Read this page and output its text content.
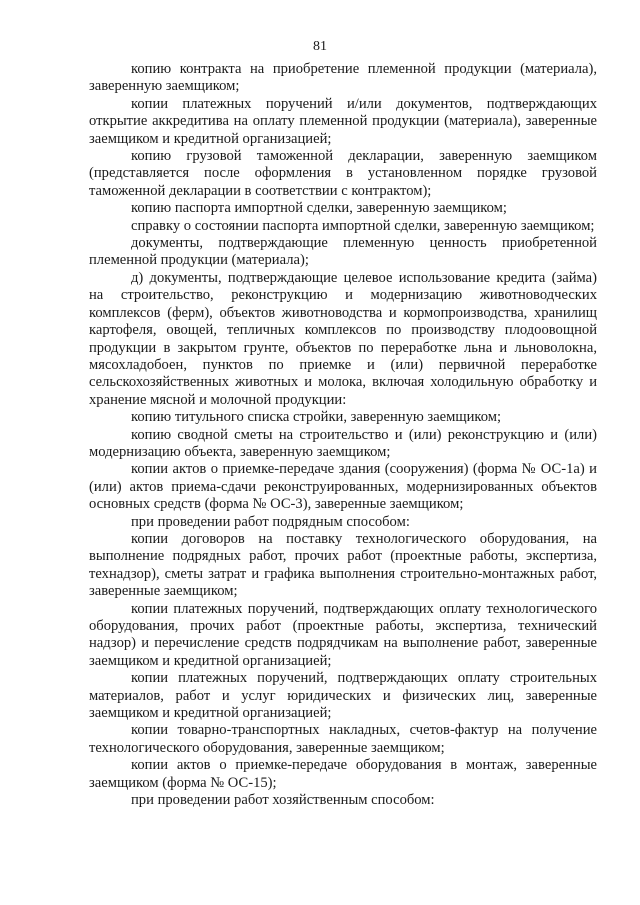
81

копию контракта на приобретение племенной продукции (материала), заверенную заемщиком;

копии платежных поручений и/или документов, подтверждающих открытие аккредитива на оплату племенной продукции (материала), заверенные заемщиком и кредитной организацией;

копию грузовой таможенной декларации, заверенную заемщиком (представляется после оформления в установленном порядке грузовой таможенной декларации в соответствии с контрактом);

копию паспорта импортной сделки, заверенную заемщиком;

справку о состоянии паспорта импортной сделки, заверенную заемщиком;

документы, подтверждающие племенную ценность приобретенной племенной продукции (материала);

д) документы, подтверждающие целевое использование кредита (займа) на строительство, реконструкцию и модернизацию животноводческих комплексов (ферм), объектов животноводства и кормопроизводства, хранилищ картофеля, овощей, тепличных комплексов по производству плодоовощной продукции в закрытом грунте, объектов по переработке льна и льноволокна, мясохладобоен, пунктов по приемке и (или) первичной переработке сельскохозяйственных животных и молока, включая холодильную обработку и хранение мясной и молочной продукции:

копию титульного списка стройки, заверенную заемщиком;

копию сводной сметы на строительство и (или) реконструкцию и (или) модернизацию объекта, заверенную заемщиком;

копии актов о приемке-передаче здания (сооружения) (форма № ОС-1а) и (или) актов приема-сдачи реконструированных, модернизированных объектов основных средств (форма № ОС-3), заверенные заемщиком;

при проведении работ подрядным способом:

копии договоров на поставку технологического оборудования, на выполнение подрядных работ, прочих работ (проектные работы, экспертиза, технадзор), сметы затрат и графика выполнения строительно-монтажных работ, заверенные заемщиком;

копии платежных поручений, подтверждающих оплату технологического оборудования, прочих работ (проектные работы, экспертиза, технический надзор) и перечисление средств подрядчикам на выполнение работ, заверенные заемщиком и кредитной организацией;

копии платежных поручений, подтверждающих оплату строительных материалов, работ и услуг юридических и физических лиц, заверенные заемщиком и кредитной организацией;

копии товарно-транспортных накладных, счетов-фактур на получение технологического оборудования, заверенные заемщиком;

копии актов о приемке-передаче оборудования в монтаж, заверенные заемщиком (форма № ОС-15);

при проведении работ хозяйственным способом:
